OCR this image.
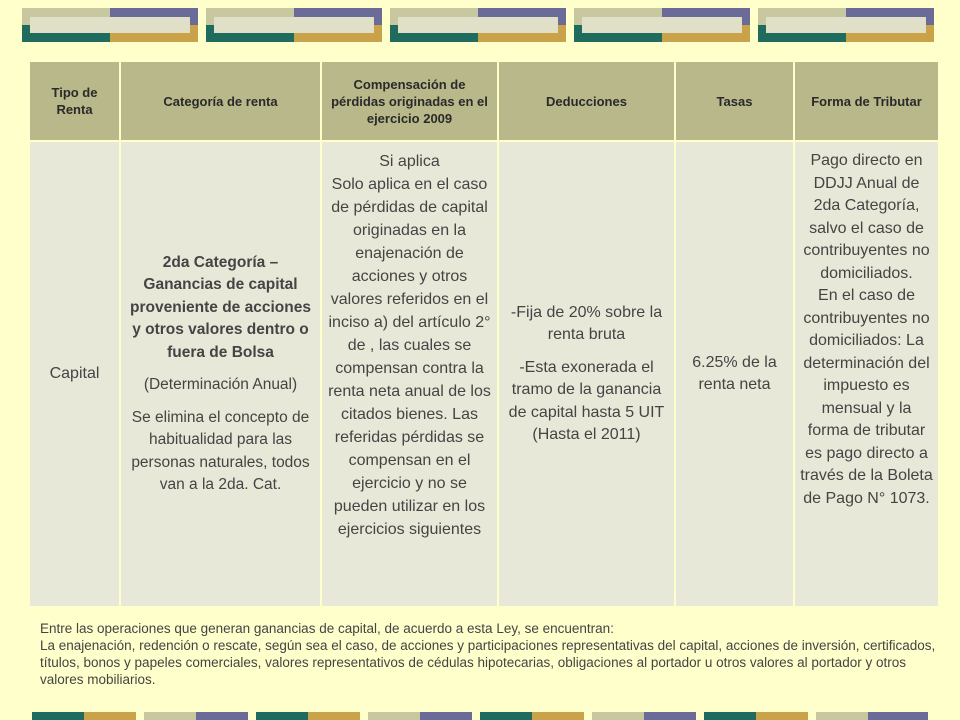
Tipo de Renta
Categoría de renta
Compensación de pérdidas originadas en el ejercicio 2009
Deducciones	Tasas	Forma de Tributar

Capital

2da Categoría – Ganancias de capital proveniente de acciones y otros valores dentro o fuera de Bolsa

(Determinación Anual)

Se elimina el concepto de habitualidad para las personas naturales, todos van a la 2da. Cat.

Si aplica

Solo aplica en el caso de pérdidas de capital originadas en la enajenación de acciones y otros valores referidos en el inciso a) del artículo 2° de , las cuales se compensan contra la renta neta anual de los citados bienes. Las referidas pérdidas se compensan en el ejercicio y no se pueden utilizar en los ejercicios siguientes

-Fija de 20% sobre la renta bruta

-Esta exonerada el tramo de la ganancia de capital hasta 5 UIT (Hasta el 2011)

6.25% de la renta neta

Pago directo en DDJJ Anual de 2da Categoría, salvo el caso de contribuyentes no domiciliados.

En el caso de contribuyentes no domiciliados: La determinación del impuesto es mensual y la forma de tributar es pago directo a través de la Boleta de Pago N° 1073.

Entre las operaciones que generan ganancias de capital, de acuerdo a esta Ley, se encuentran:

La enajenación, redención o rescate, según sea el caso, de acciones y participaciones representativas del capital, acciones de inversión, certificados, títulos, bonos y papeles comerciales, valores representativos de cédulas hipotecarias, obligaciones al portador u otros valores al portador y otros valores mobiliarios.
